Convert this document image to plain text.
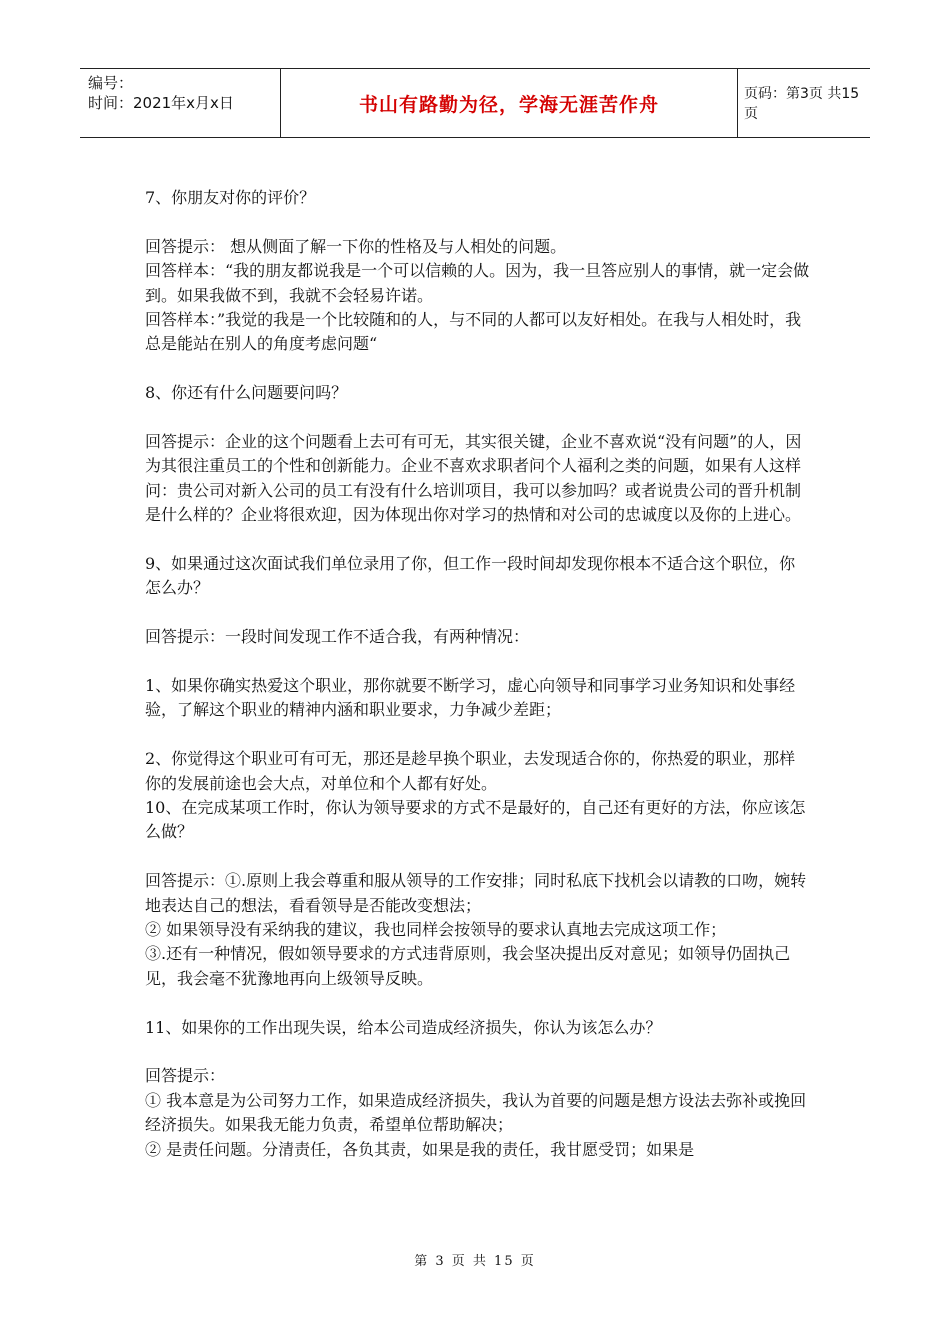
编号：
时间：2021年x月x日	书山有路勤为径，学海无涯苦作舟	页码：第3页 共15页

7、你朋友对你的评价？

回答提示： 想从侧面了解一下你的性格及与人相处的问题。

回答样本：“我的朋友都说我是一个可以信赖的人。因为，我一旦答应别人的事情，就一定会做到。如果我做不到，我就不会轻易许诺。

回答样本：”我觉的我是一个比较随和的人，与不同的人都可以友好相处。在我与人相处时，我总是能站在别人的角度考虑问题“

8、你还有什么问题要问吗？

回答提示：企业的这个问题看上去可有可无，其实很关键，企业不喜欢说“没有问题”的人，因为其很注重员工的个性和创新能力。企业不喜欢求职者问个人福利之类的问题，如果有人这样问：贵公司对新入公司的员工有没有什么培训项目，我可以参加吗？或者说贵公司的晋升机制是什么样的？企业将很欢迎，因为体现出你对学习的热情和对公司的忠诚度以及你的上进心。

9、如果通过这次面试我们单位录用了你，但工作一段时间却发现你根本不适合这个职位，你怎么办？

回答提示：一段时间发现工作不适合我，有两种情况：

1、如果你确实热爱这个职业，那你就要不断学习，虚心向领导和同事学习业务知识和处事经验，了解这个职业的精神内涵和职业要求，力争减少差距；

2、你觉得这个职业可有可无，那还是趁早换个职业，去发现适合你的，你热爱的职业，那样你的发展前途也会大点，对单位和个人都有好处。

10、在完成某项工作时，你认为领导要求的方式不是最好的，自己还有更好的方法，你应该怎么做？

回答提示：①.原则上我会尊重和服从领导的工作安排；同时私底下找机会以请教的口吻，婉转地表达自己的想法，看看领导是否能改变想法；

② 如果领导没有采纳我的建议，我也同样会按领导的要求认真地去完成这项工作；

③.还有一种情况，假如领导要求的方式违背原则，我会坚决提出反对意见；如领导仍固执己见，我会毫不犹豫地再向上级领导反映。

11、如果你的工作出现失误，给本公司造成经济损失，你认为该怎么办？

回答提示：

① 我本意是为公司努力工作，如果造成经济损失，我认为首要的问题是想方设法去弥补或挽回经济损失。如果我无能力负责，希望单位帮助解决；

② 是责任问题。分清责任，各负其责，如果是我的责任，我甘愿受罚；如果是

第 3 页 共 15 页
